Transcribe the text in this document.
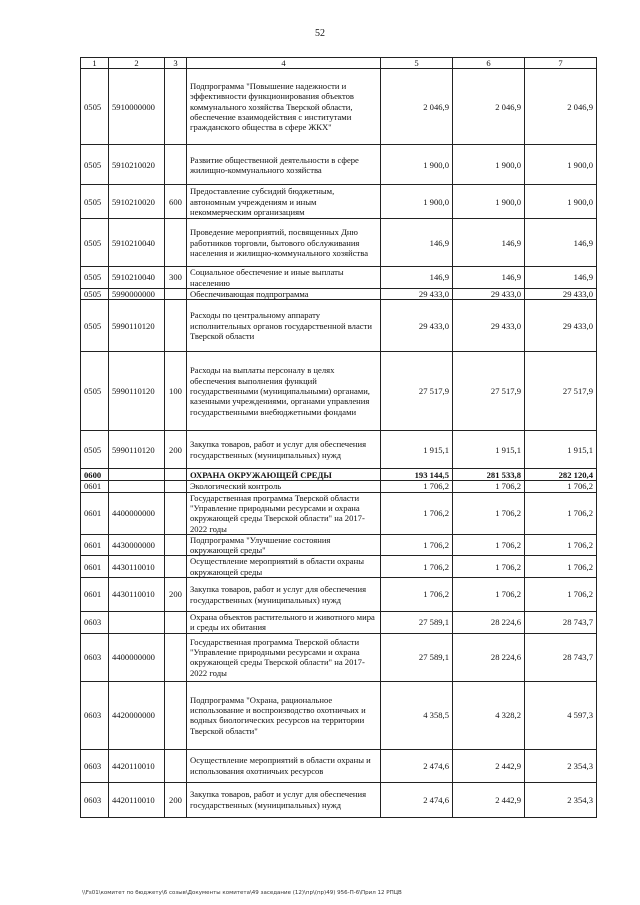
52
1	2	3	4	5	6	7
0505	5910000000		Подпрограмма "Повышение надежности и эффективности функционирования объектов коммунального хозяйства Тверской области, обеспечение взаимодействия с институтами гражданского общества в сфере ЖКХ"	2 046,9	2 046,9	2 046,9
0505	5910210020		Развитие общественной деятельности в сфере жилищно-коммунального хозяйства	1 900,0	1 900,0	1 900,0
0505	5910210020	600	Предоставление субсидий бюджетным, автономным учреждениям и иным некоммерческим организациям	1 900,0	1 900,0	1 900,0
0505	5910210040		Проведение мероприятий, посвященных Дню работников торговли, бытового обслуживания населения и жилищно-коммунального хозяйства	146,9	146,9	146,9
0505	5910210040	300	Социальное обеспечение и иные выплаты населению	146,9	146,9	146,9
0505	5990000000		Обеспечивающая подпрограмма	29 433,0	29 433,0	29 433,0
0505	5990110120		Расходы по центральному аппарату исполнительных органов государственной власти Тверской области	29 433,0	29 433,0	29 433,0
0505	5990110120	100	Расходы на выплаты персоналу в целях обеспечения выполнения функций государственными (муниципальными) органами, казенными учреждениями, органами управления государственными внебюджетными фондами	27 517,9	27 517,9	27 517,9
0505	5990110120	200	Закупка товаров, работ и услуг для обеспечения государственных (муниципальных) нужд	1 915,1	1 915,1	1 915,1
0600			ОХРАНА ОКРУЖАЮЩЕЙ СРЕДЫ	193 144,5	281 533,8	282 120,4
0601			Экологический контроль	1 706,2	1 706,2	1 706,2
0601	4400000000		Государственная программа Тверской области "Управление природными ресурсами и охрана окружающей среды Тверской области" на 2017-2022 годы	1 706,2	1 706,2	1 706,2
0601	4430000000		Подпрограмма "Улучшение состояния окружающей среды"	1 706,2	1 706,2	1 706,2
0601	4430110010		Осуществление мероприятий в области охраны окружающей среды	1 706,2	1 706,2	1 706,2
0601	4430110010	200	Закупка товаров, работ и услуг для обеспечения государственных (муниципальных) нужд	1 706,2	1 706,2	1 706,2
0603			Охрана объектов растительного и животного мира и среды их обитания	27 589,1	28 224,6	28 743,7
0603	4400000000		Государственная программа Тверской области "Управление природными ресурсами и охрана окружающей среды Тверской области" на 2017-2022 годы	27 589,1	28 224,6	28 743,7
0603	4420000000		Подпрограмма "Охрана, рациональное использование и воспроизводство охотничьих и водных биологических ресурсов на территории Тверской области"	4 358,5	4 328,2	4 597,3
0603	4420110010		Осуществление мероприятий в области охраны и использования охотничьих ресурсов	2 474,6	2 442,9	2 354,3
0603	4420110010	200	Закупка товаров, работ и услуг для обеспечения государственных (муниципальных) нужд	2 474,6	2 442,9	2 354,3
\\Fs01\комитет по бюджету\6 созыв\Документы комитета\49 заседание (12)\пр\(пр)49) 956-П-6\Прил 12 РПЦВ
